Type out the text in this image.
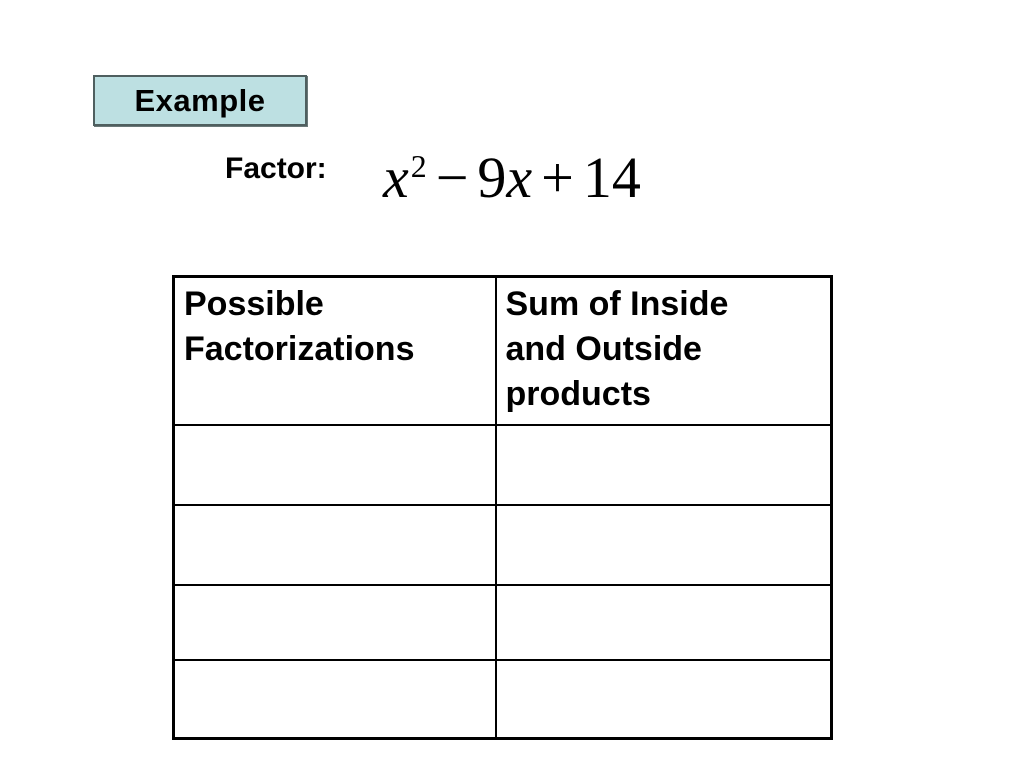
Example
Factor: $x^2 - 9x + 14$
Possible Factorizations	Sum of Inside and Outside products
